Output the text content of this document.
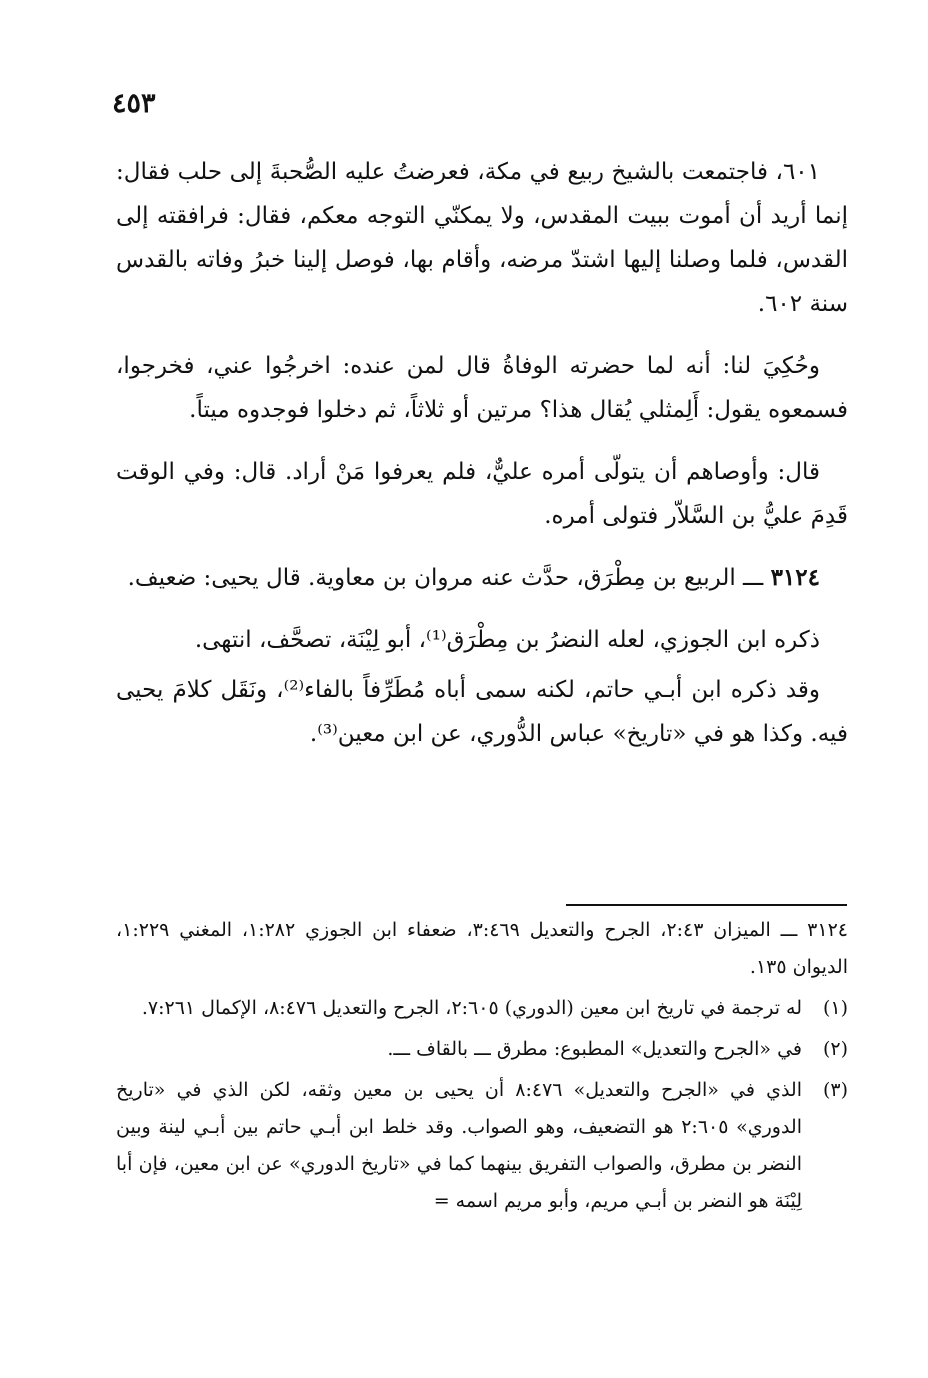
٤٥٣

٦٠١، فاجتمعت بالشيخ ربيع في مكة، فعرضتُ عليه الصُّحبةَ إلى حلب فقال: إنما أريد أن أموت ببيت المقدس، ولا يمكنّي التوجه معكم، فقال: فرافقته إلى القدس، فلما وصلنا إليها اشتدّ مرضه، وأقام بها، فوصل إلينا خبرُ وفاته بالقدس سنة ٦٠٢.

وحُكِيَ لنا: أنه لما حضرته الوفاةُ قال لمن عنده: اخرجُوا عني، فخرجوا، فسمعوه يقول: أَلِمثلي يُقال هذا؟ مرتين أو ثلاثاً، ثم دخلوا فوجدوه ميتاً.

قال: وأوصاهم أن يتولّى أمره عليٌّ، فلم يعرفوا مَنْ أراد. قال: وفي الوقت قَدِمَ عليُّ بن السَّلاّر فتولى أمره.

٣١٢٤ ـــ الربيع بن مِطْرَق، حدَّث عنه مروان بن معاوية. قال يحيى: ضعيف.

ذكره ابن الجوزي، لعله النضرُ بن مِطْرَق⁽¹⁾، أبو لِيْنَة، تصحَّف، انتهى.

وقد ذكره ابن أبـي حاتم، لكنه سمى أباه مُطَرِّفاً بالفاء⁽²⁾، ونَقَل كلامَ يحيى فيه. وكذا هو في «تاريخ» عباس الدُّوري، عن ابن معين⁽³⁾.

٣١٢٤ ـــ الميزان ٢:٤٣، الجرح والتعديل ٣:٤٦٩، ضعفاء ابن الجوزي ١:٢٨٢، المغني ١:٢٢٩، الديوان ١٣٥.
(١)
له ترجمة في تاريخ ابن معين (الدوري) ٢:٦٠٥، الجرح والتعديل ٨:٤٧٦، الإكمال ٧:٢٦١.
(٢)
في «الجرح والتعديل» المطبوع: مطرق ـــ بالقاف ـــ.
(٣)
الذي في «الجرح والتعديل» ٨:٤٧٦ أن يحيى بن معين وثقه، لكن الذي في «تاريخ الدوري» ٢:٦٠٥ هو التضعيف، وهو الصواب. وقد خلط ابن أبـي حاتم بين أبـي لينة وبين النضر بن مطرق، والصواب التفريق بينهما كما في «تاريخ الدوري» عن ابن معين، فإن أبا لِيْنَة هو النضر بن أبـي مريم، وأبو مريم اسمه =
